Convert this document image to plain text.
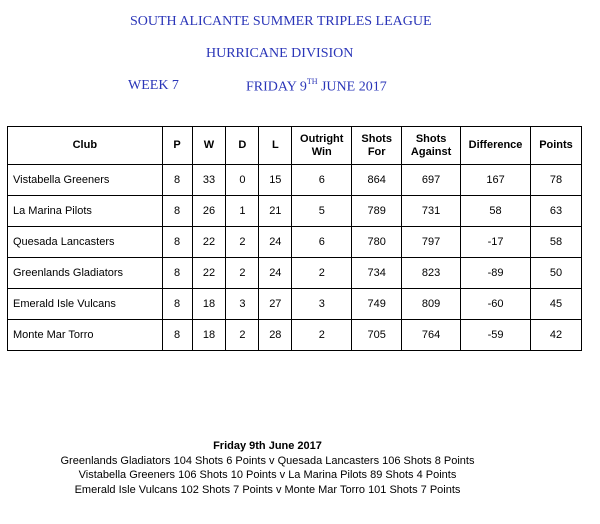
SOUTH ALICANTE SUMMER TRIPLES LEAGUE
HURRICANE DIVISION
WEEK 7	FRIDAY 9TH JUNE 2017
Club	P	W	D	L	Outright Win	Shots For	Shots Against	Difference	Points
Vistabella Greeners	8	33	0	15	6	864	697	167	78
La Marina Pilots	8	26	1	21	5	789	731	58	63
Quesada Lancasters	8	22	2	24	6	780	797	-17	58
Greenlands Gladiators	8	22	2	24	2	734	823	-89	50
Emerald Isle Vulcans	8	18	3	27	3	749	809	-60	45
Monte Mar Torro	8	18	2	28	2	705	764	-59	42
Friday 9th June 2017
Greenlands Gladiators 104 Shots 6 Points v Quesada Lancasters 106 Shots 8 Points
Vistabella Greeners 106 Shots 10 Points v La Marina Pilots 89 Shots 4 Points
Emerald Isle Vulcans 102 Shots 7 Points v Monte Mar Torro 101 Shots 7 Points
